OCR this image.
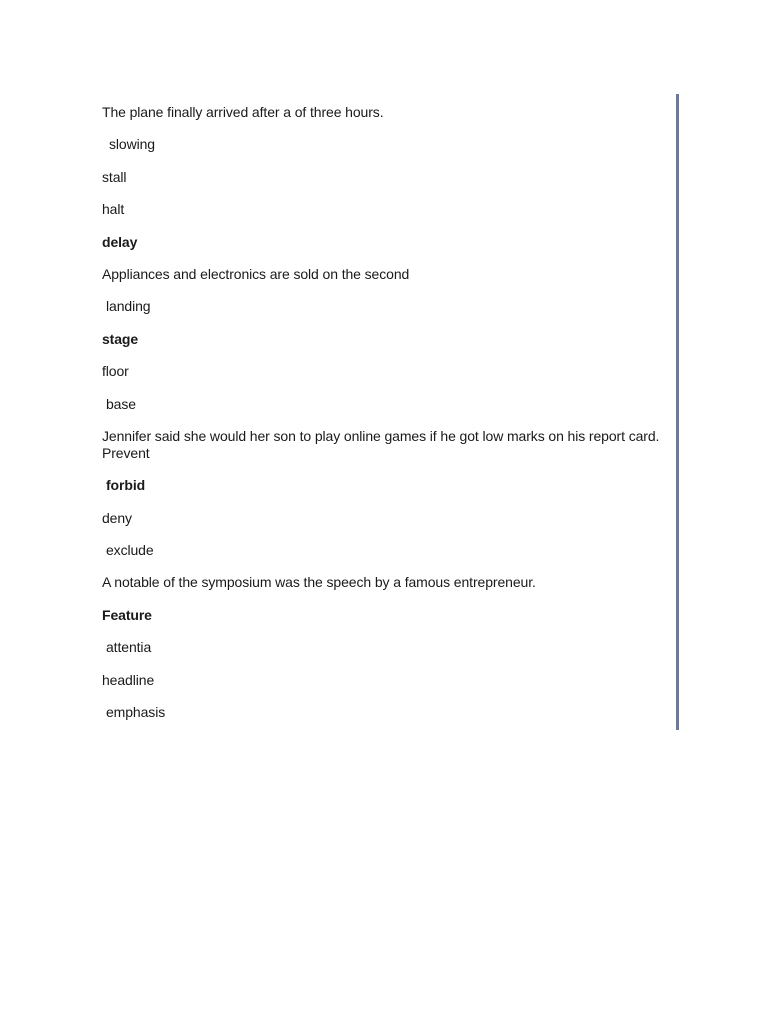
The plane finally arrived after a of three hours.
slowing
stall
halt
delay
Appliances and electronics are sold on the second
landing
stage
floor
base
Jennifer said she would her son to play online games if he got low marks on his report card. Prevent
forbid
deny
exclude
A notable of the symposium was the speech by a famous entrepreneur.
Feature
attentia
headline
emphasis
